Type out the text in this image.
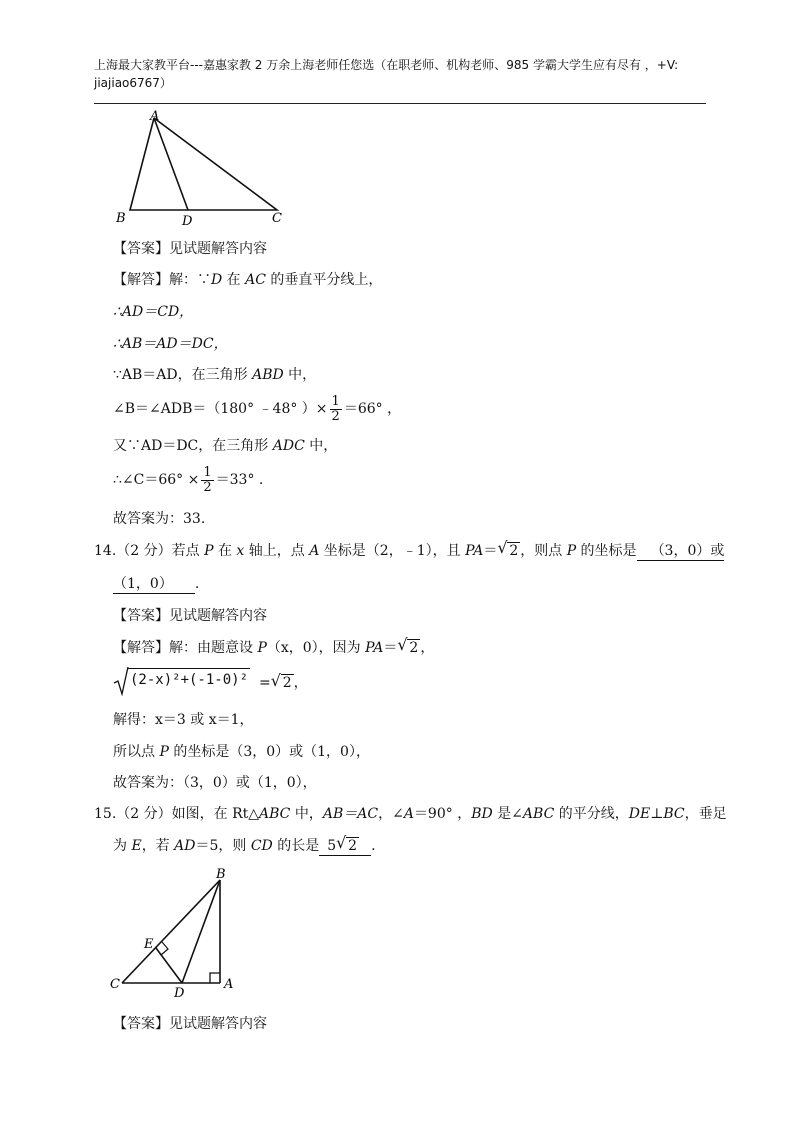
上海最大家教平台---嘉惠家教 2 万余上海老师任您选（在职老师、机构老师、985 学霸大学生应有尽有 ，+V:
jiajiao6767）
A
B	D	C
【答案】见试题解答内容
【解答】解：∵D 在 AC 的垂直平分线上，
∴AD＝CD，
∴AB＝AD＝DC，
∵AB＝AD，在三角形 ABD 中，
∠B＝∠ADB＝（180° ﹣48° ）× $\frac{1}{2} =66^\circ$ ，
又∵AD＝DC，在三角形 ADC 中，
∴∠C＝66° × $\frac{1}{2} =33^\circ$ .
故答案为：33.
14.（2 分）若点 P 在 x 轴上，点 A 坐标是（2，﹣1），且 PA＝ √ 2 ，则点 P 的坐标是 （3，0）或
（1，0） .
【答案】见试题解答内容
【解答】解：由题意设 P（x，0），因为 PA＝ √ 2 ，
(2-x)²+(-1-0)² = √ 2 ，
解得：x＝3 或 x＝1，
所以点 P 的坐标是（3，0）或（1，0），
故答案为：（3，0）或（1，0），
15.（2 分）如图，在 Rt△ABC 中，AB＝AC，∠A＝90° ，BD 是∠ABC 的平分线，DE⊥BC，垂足
为 E，若 AD＝5，则 CD 的长是 5 √ 2 .
B
E
C
D
A
【答案】见试题解答内容
